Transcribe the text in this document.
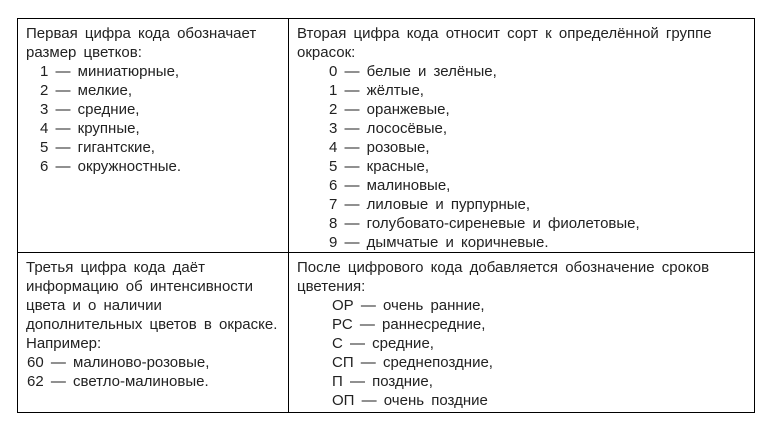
Первая цифра кода обозначает
размер цветков:
1 — миниатюрные,
2 — мелкие,
3 — средние,
4 — крупные,
5 — гигантские,
6 — окружностные.
Вторая цифра кода относит сорт к определённой группе
окрасок:
0 — белые и зелёные,
1 — жёлтые,
2 — оранжевые,
3 — лососёвые,
4 — розовые,
5 — красные,
6 — малиновые,
7 — лиловые и пурпурные,
8 — голубовато-сиреневые и фиолетовые,
9 — дымчатые и коричневые.
Третья цифра кода даёт
информацию об интенсивности
цвета и о наличии
дополнительных цветов в окраске.
Например:
60 — малиново-розовые,
62 — светло-малиновые.
После цифрового кода добавляется обозначение сроков
цветения:
ОР — очень ранние,
РС — раннесредние,
С — средние,
СП — среднепоздние,
П — поздние,
ОП — очень поздние
